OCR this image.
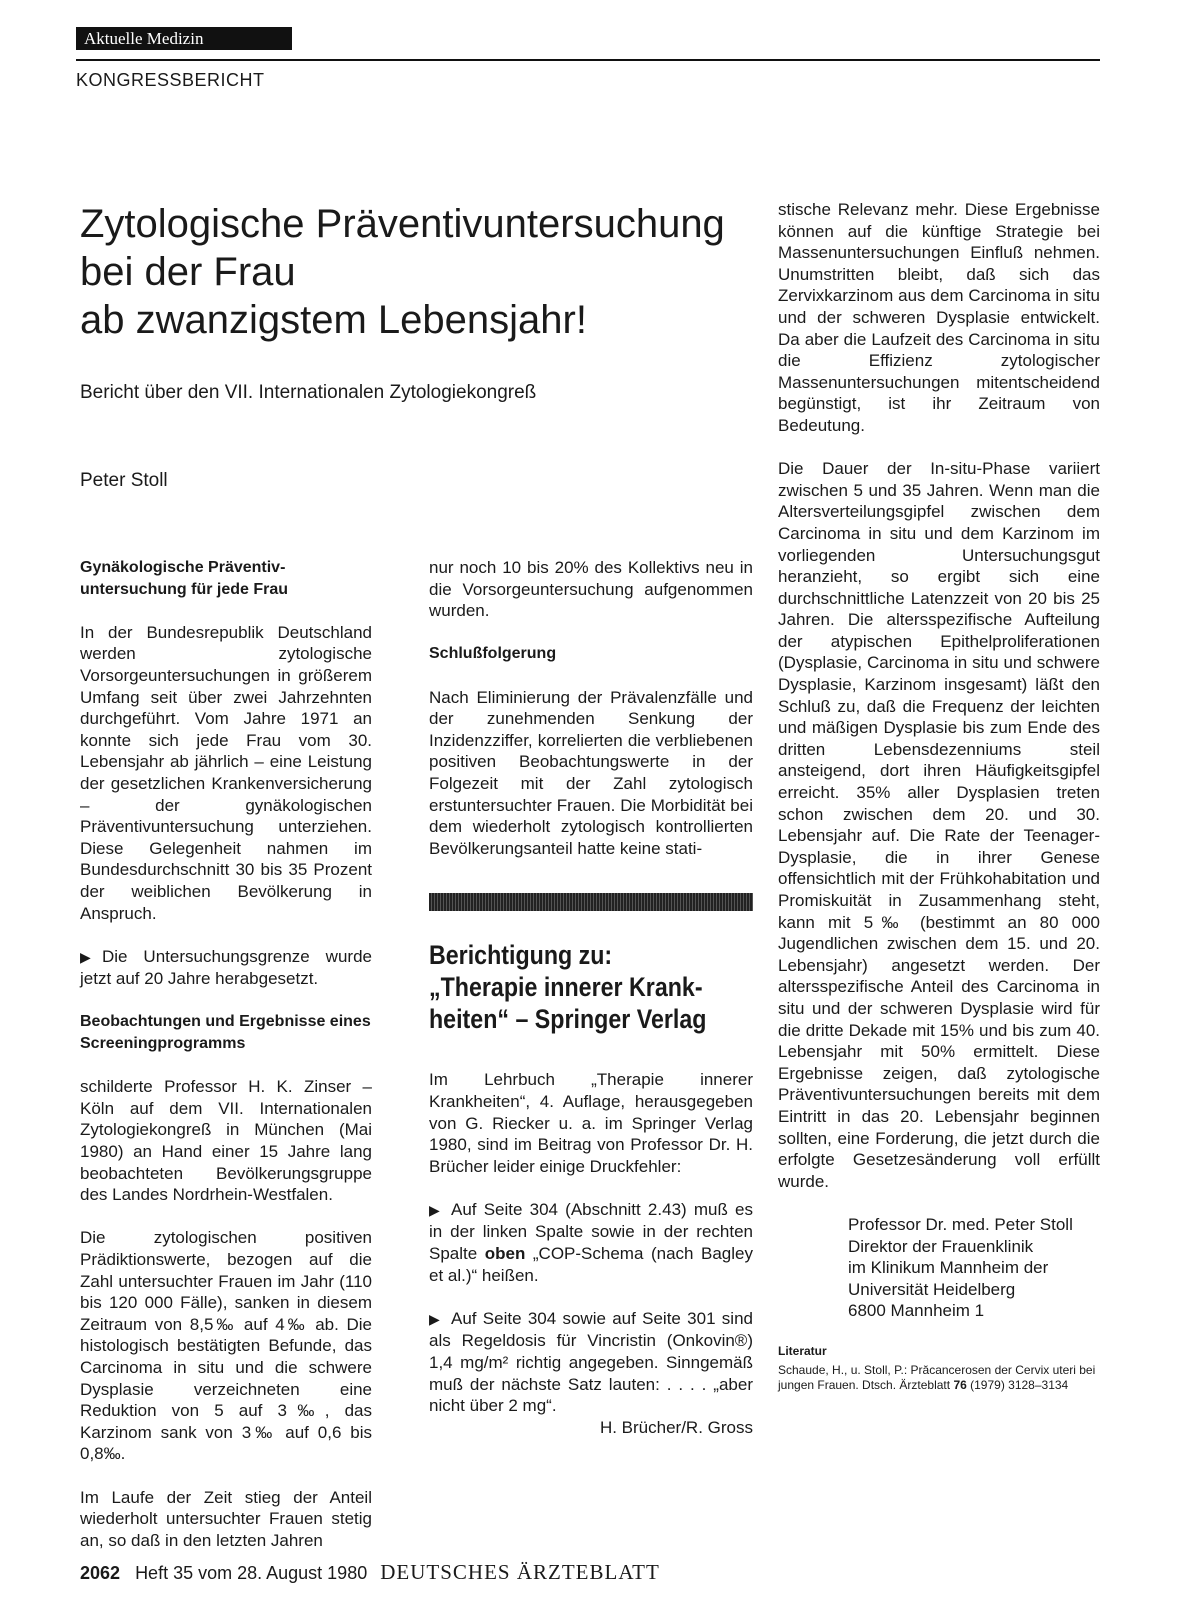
Aktuelle Medizin
KONGRESSBERICHT
Zytologische Präventivuntersuchung
bei der Frau
ab zwanzigstem Lebensjahr!
Bericht über den VII. Internationalen Zytologiekongreß
Peter Stoll
Gynäkologische Präventiv-untersuchung für jede Frau

In der Bundesrepublik Deutschland werden zytologische Vorsorgeuntersuchungen in größerem Umfang seit über zwei Jahrzehnten durchgeführt. Vom Jahre 1971 an konnte sich jede Frau vom 30. Lebensjahr ab jährlich – eine Leistung der gesetzlichen Krankenversicherung – der gynäkologischen Präventivuntersuchung unterziehen. Diese Gelegenheit nahmen im Bundesdurchschnitt 30 bis 35 Prozent der weiblichen Bevölkerung in Anspruch.

▶ Die Untersuchungsgrenze wurde jetzt auf 20 Jahre herabgesetzt.

Beobachtungen und Ergebnisse eines Screeningprogramms

schilderte Professor H. K. Zinser – Köln auf dem VII. Internationalen Zytologiekongreß in München (Mai 1980) an Hand einer 15 Jahre lang beobachteten Bevölkerungsgruppe des Landes Nordrhein-Westfalen.

Die zytologischen positiven Prädiktionswerte, bezogen auf die Zahl untersuchter Frauen im Jahr (110 bis 120 000 Fälle), sanken in diesem Zeitraum von 8,5‰ auf 4‰ ab. Die histologisch bestätigten Befunde, das Carcinoma in situ und die schwere Dysplasie verzeichneten eine Reduktion von 5 auf 3‰, das Karzinom sank von 3‰ auf 0,6 bis 0,8‰.

Im Laufe der Zeit stieg der Anteil wiederholt untersuchter Frauen stetig an, so daß in den letzten Jahren

nur noch 10 bis 20% des Kollektivs neu in die Vorsorgeuntersuchung aufgenommen wurden.

Schlußfolgerung

Nach Eliminierung der Prävalenzfälle und der zunehmenden Senkung der Inzidenzziffer, korrelierten die verbliebenen positiven Beobachtungswerte in der Folgezeit mit der Zahl zytologisch erstuntersuchter Frauen. Die Morbidität bei dem wiederholt zytologisch kontrollierten Bevölkerungsanteil hatte keine stati-

Berichtigung zu:
„Therapie innerer Krank-
heiten“ – Springer Verlag

Im Lehrbuch „Therapie innerer Krankheiten“, 4. Auflage, herausgegeben von G. Riecker u. a. im Springer Verlag 1980, sind im Beitrag von Professor Dr. H. Brücher leider einige Druckfehler:

▶ Auf Seite 304 (Abschnitt 2.43) muß es in der linken Spalte sowie in der rechten Spalte oben „COP-Schema (nach Bagley et al.)“ heißen.

▶ Auf Seite 304 sowie auf Seite 301 sind als Regeldosis für Vincristin (Onkovin®) 1,4 mg/m² richtig angegeben. Sinngemäß muß der nächste Satz lauten: . . . . „aber nicht über 2 mg“.
H. Brücher/R. Gross

stische Relevanz mehr. Diese Ergebnisse können auf die künftige Strategie bei Massenuntersuchungen Einfluß nehmen. Unumstritten bleibt, daß sich das Zervixkarzinom aus dem Carcinoma in situ und der schweren Dysplasie entwickelt. Da aber die Laufzeit des Carcinoma in situ die Effizienz zytologischer Massenuntersuchungen mitentscheidend begünstigt, ist ihr Zeitraum von Bedeutung.

Die Dauer der In-situ-Phase variiert zwischen 5 und 35 Jahren. Wenn man die Altersverteilungsgipfel zwischen dem Carcinoma in situ und dem Karzinom im vorliegenden Untersuchungsgut heranzieht, so ergibt sich eine durchschnittliche Latenzzeit von 20 bis 25 Jahren. Die altersspezifische Aufteilung der atypischen Epithelproliferationen (Dysplasie, Carcinoma in situ und schwere Dysplasie, Karzinom insgesamt) läßt den Schluß zu, daß die Frequenz der leichten und mäßigen Dysplasie bis zum Ende des dritten Lebensdezenniums steil ansteigend, dort ihren Häufigkeitsgipfel erreicht. 35% aller Dysplasien treten schon zwischen dem 20. und 30. Lebensjahr auf. Die Rate der Teenager-Dysplasie, die in ihrer Genese offensichtlich mit der Frühkohabitation und Promiskuität in Zusammenhang steht, kann mit 5‰ (bestimmt an 80 000 Jugendlichen zwischen dem 15. und 20. Lebensjahr) angesetzt werden. Der altersspezifische Anteil des Carcinoma in situ und der schweren Dysplasie wird für die dritte Dekade mit 15% und bis zum 40. Lebensjahr mit 50% ermittelt. Diese Ergebnisse zeigen, daß zytologische Präventivuntersuchungen bereits mit dem Eintritt in das 20. Lebensjahr beginnen sollten, eine Forderung, die jetzt durch die erfolgte Gesetzesänderung voll erfüllt wurde.

Professor Dr. med. Peter Stoll
Direktor der Frauenklinik
im Klinikum Mannheim der
Universität Heidelberg
6800 Mannheim 1
Literatur

Schaude, H., u. Stoll, P.: Prăcancerosen der Cervix uteri bei jungen Frauen. Dtsch. Ärzteblatt 76 (1979) 3128–3134

2062 Heft 35 vom 28. August 1980 DEUTSCHES ÄRZTEBLATT
